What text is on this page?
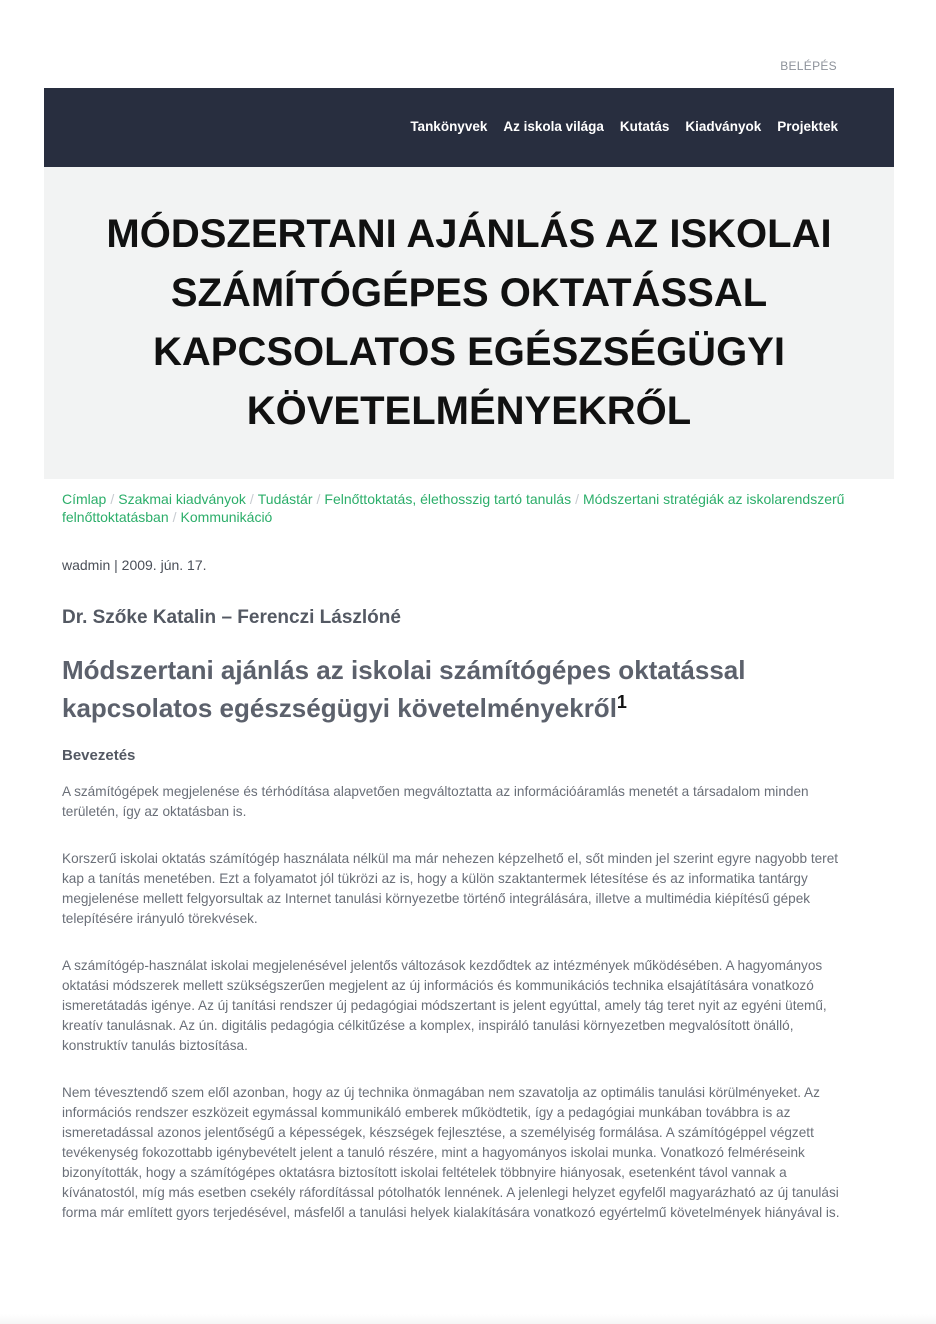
BELÉPÉS
Tankönyvek Az iskola világa Kutatás Kiadványok Projektek
MÓDSZERTANI AJÁNLÁS AZ ISKOLAI SZÁMÍTÓGÉPES OKTATÁSSAL KAPCSOLATOS EGÉSZSÉGÜGYI KÖVETELMÉNYEKRŐL
Címlap / Szakmai kiadványok / Tudástár / Felnőttoktatás, élethosszig tartó tanulás / Módszertani stratégiák az iskolarendszerű felnőttoktatásban / Kommunikáció
wadmin | 2009. jún. 17.
Dr. Szőke Katalin – Ferenczi Lászlóné
Módszertani ajánlás az iskolai számítógépes oktatással kapcsolatos egészségügyi követelményekről$^1$
Bevezetés

A számítógépek megjelenése és térhódítása alapvetően megváltoztatta az információáramlás menetét a társadalom minden területén, így az oktatásban is.

Korszerű iskolai oktatás számítógép használata nélkül ma már nehezen képzelhető el, sőt minden jel szerint egyre nagyobb teret kap a tanítás menetében. Ezt a folyamatot jól tükrözi az is, hogy a külön szaktantermek létesítése és az informatika tantárgy megjelenése mellett felgyorsultak az Internet tanulási környezetbe történő integrálására, illetve a multimédia kiépítésű gépek telepítésére irányuló törekvések.

A számítógép-használat iskolai megjelenésével jelentős változások kezdődtek az intézmények működésében. A hagyományos oktatási módszerek mellett szükségszerűen megjelent az új információs és kommunikációs technika elsajátítására vonatkozó ismeretátadás igénye. Az új tanítási rendszer új pedagógiai módszertant is jelent egyúttal, amely tág teret nyit az egyéni ütemű, kreatív tanulásnak. Az ún. digitális pedagógia célkitűzése a komplex, inspiráló tanulási környezetben megvalósított önálló, konstruktív tanulás biztosítása.

Nem tévesztendő szem elől azonban, hogy az új technika önmagában nem szavatolja az optimális tanulási körülményeket. Az információs rendszer eszközeit egymással kommunikáló emberek működtetik, így a pedagógiai munkában továbbra is az ismeretadással azonos jelentőségű a képességek, készségek fejlesztése, a személyiség formálása. A számítógéppel végzett tevékenység fokozottabb igénybevételt jelent a tanuló részére, mint a hagyományos iskolai munka. Vonatkozó felméréseink bizonyították, hogy a számítógépes oktatásra biztosított iskolai feltételek többnyire hiányosak, esetenként távol vannak a kívánatostól, míg más esetben csekély ráfordítással pótolhatók lennének. A jelenlegi helyzet egyfelől magyarázható az új tanulási forma már említett gyors terjedésével, másfelől a tanulási helyek kialakítására vonatkozó egyértelmű követelmények hiányával is.
